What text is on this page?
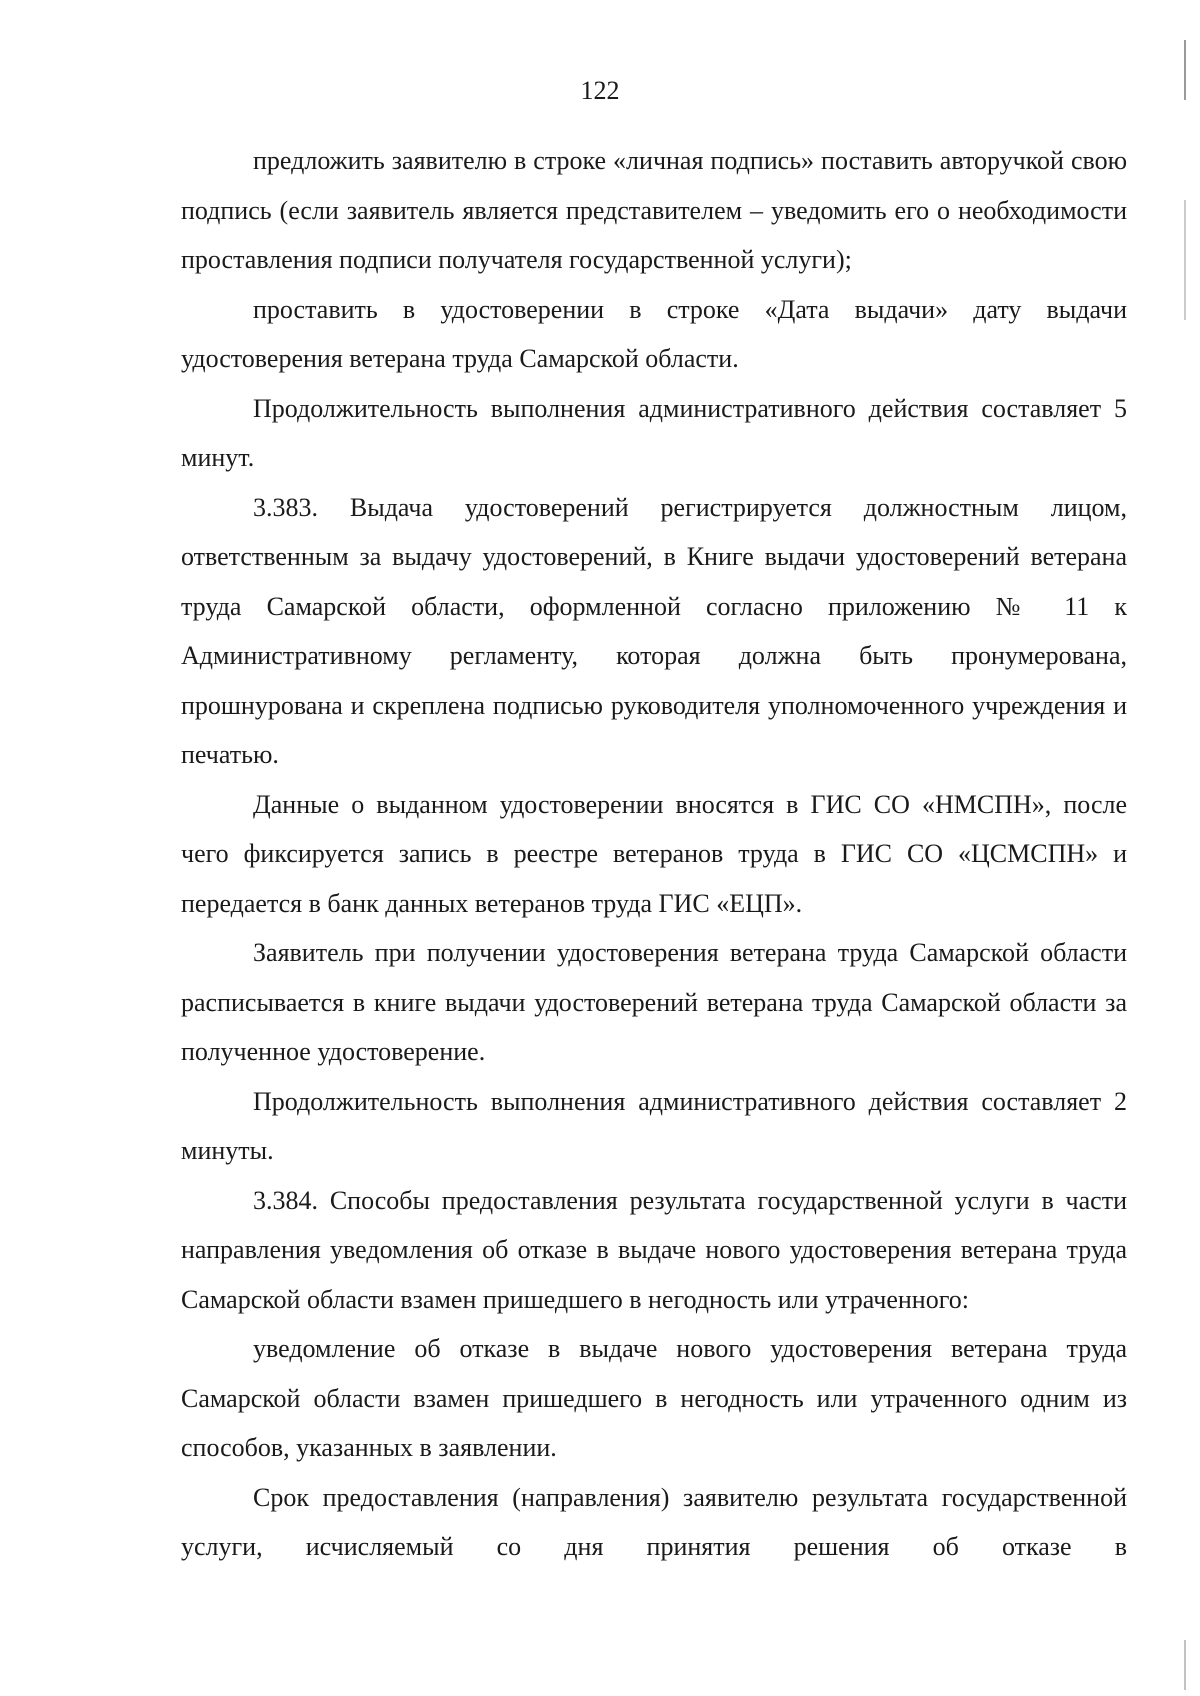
122

предложить заявителю в строке «личная подпись» поставить авторучкой свою подпись (если заявитель является представителем – уведомить его о необходимости проставления подписи получателя государственной услуги);

проставить в удостоверении в строке «Дата выдачи» дату выдачи удостоверения ветерана труда Самарской области.

Продолжительность выполнения административного действия составляет 5 минут.

3.383. Выдача удостоверений регистрируется должностным лицом, ответственным за выдачу удостоверений, в Книге выдачи удостоверений ветерана труда Самарской области, оформленной согласно приложению № 11 к Административному регламенту, которая должна быть пронумерована, прошнурована и скреплена подписью руководителя уполномоченного учреждения и печатью.

Данные о выданном удостоверении вносятся в ГИС СО «НМСПН», после чего фиксируется запись в реестре ветеранов труда в ГИС СО «ЦСМСПН» и передается в банк данных ветеранов труда ГИС «ЕЦП».

Заявитель при получении удостоверения ветерана труда Самарской области расписывается в книге выдачи удостоверений ветерана труда Самарской области за полученное удостоверение.

Продолжительность выполнения административного действия составляет 2 минуты.

3.384. Способы предоставления результата государственной услуги в части направления уведомления об отказе в выдаче нового удостоверения ветерана труда Самарской области взамен пришедшего в негодность или утраченного:

уведомление об отказе в выдаче нового удостоверения ветерана труда Самарской области взамен пришедшего в негодность или утраченного одним из способов, указанных в заявлении.

Срок предоставления (направления) заявителю результата государственной услуги, исчисляемый со дня принятия решения об отказе в
